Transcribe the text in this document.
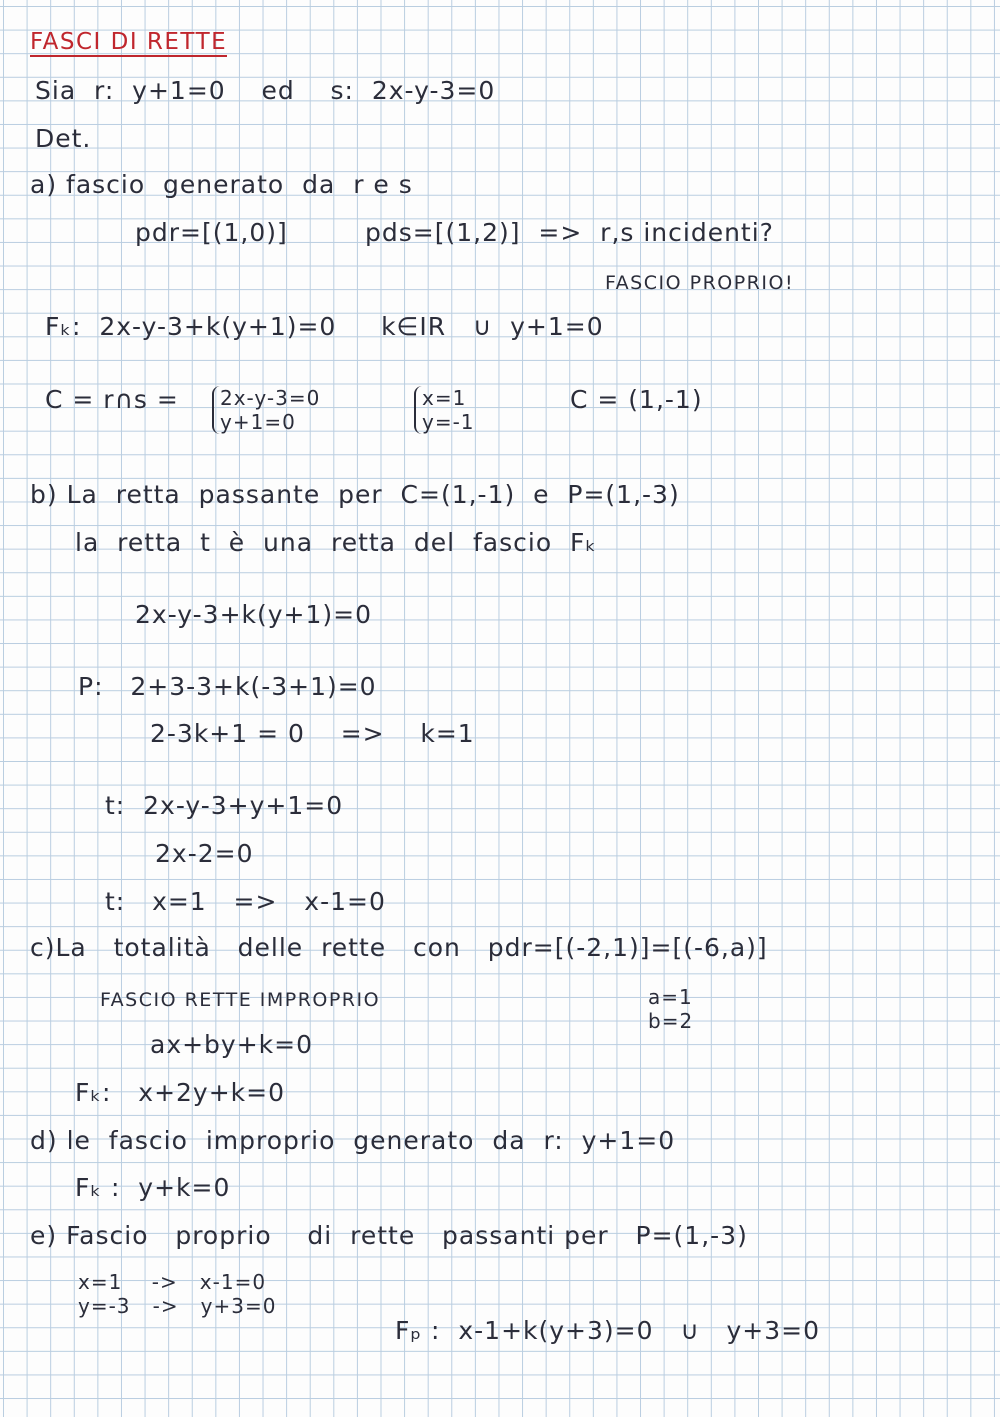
FASCI DI RETTE
Sia  r:  y+1=0    ed    s:  2x-y-3=0
Det.
a) fascio  generato  da  r e s
pdr=[(1,0)]	pds=[(1,2)]  =>  r,s incidenti?
FASCIO PROPRIO!
Fₖ:  2x-y-3+k(y+1)=0     k∈IR   ∪  y+1=0
C = r∩s = 2x-y-3=0
y+1=0
x=1
y=-1
C = (1,-1)
b) La  retta  passante  per  C=(1,-1)  e  P=(1,-3)
la  retta  t  è  una  retta  del  fascio  Fₖ
2x-y-3+k(y+1)=0
P:   2+3-3+k(-3+1)=0
2-3k+1 = 0    =>    k=1
t:  2x-y-3+y+1=0
2x-2=0
t:   x=1   =>   x-1=0
c)La   totalità   delle  rette   con   pdr=[(-2,1)]=[(-6,a)]
FASCIO RETTE IMPROPRIO	a=1
b=2
ax+by+k=0
Fₖ:   x+2y+k=0
d) le  fascio  improprio  generato  da  r:  y+1=0
Fₖ :  y+k=0
e) Fascio   proprio    di  rette   passanti per   P=(1,-3)
x=1    ->   x-1=0
y=-3   ->   y+3=0
Fₚ :  x-1+k(y+3)=0   ∪   y+3=0
